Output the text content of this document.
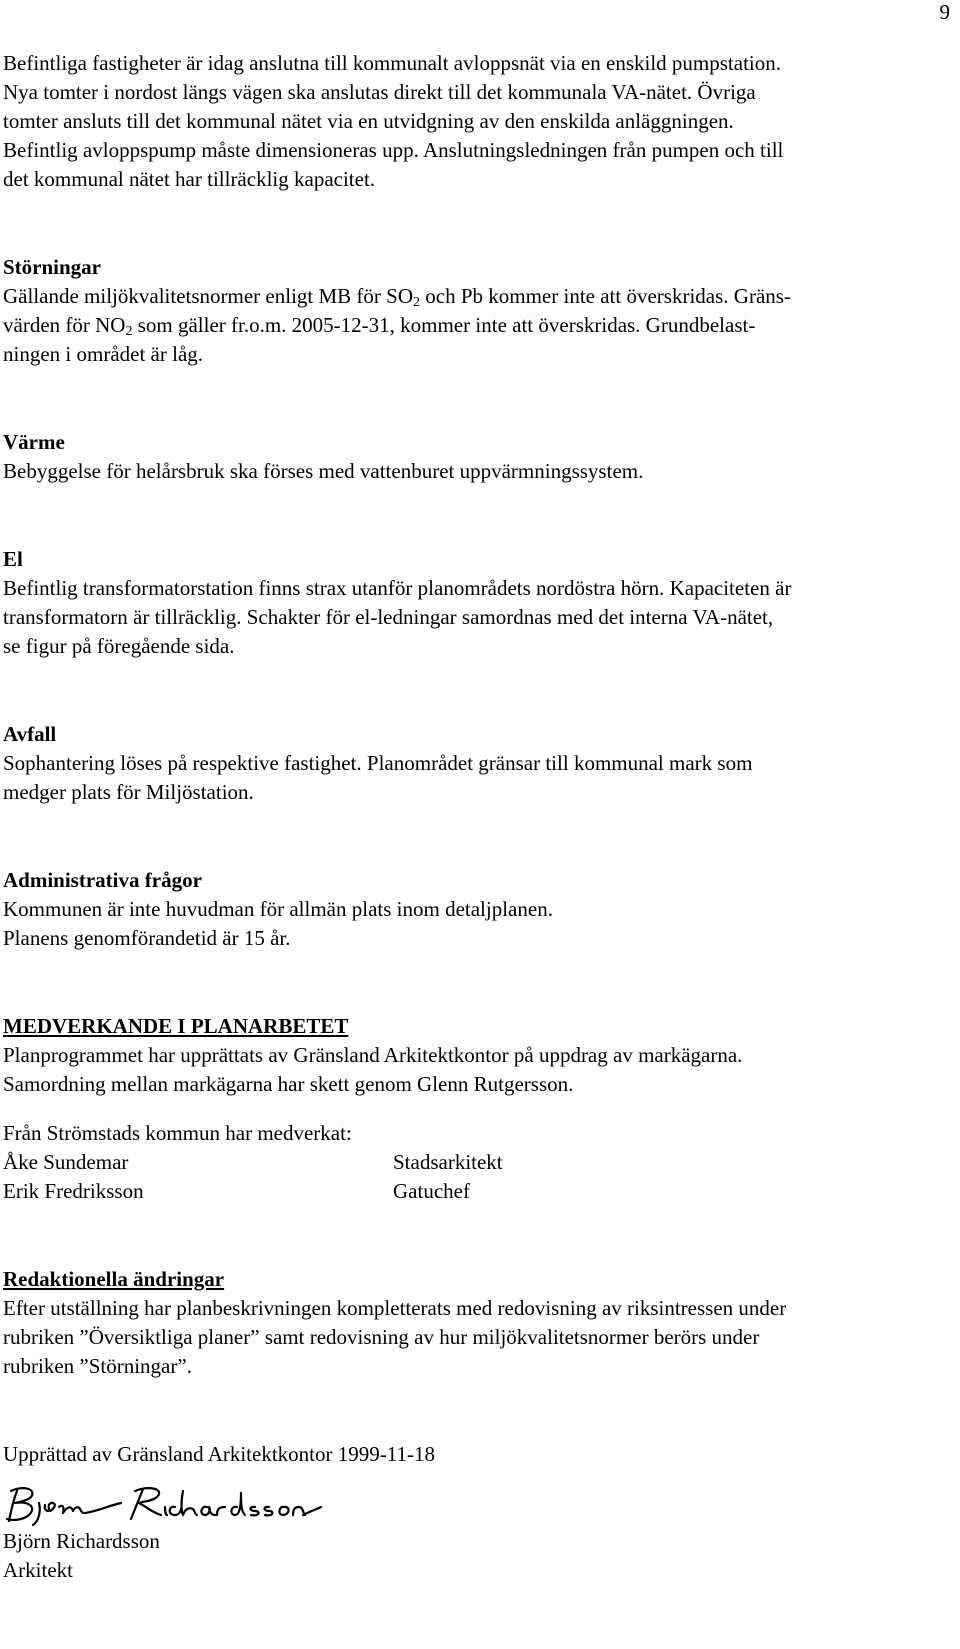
9

Befintliga fastigheter är idag anslutna till kommunalt avloppsnät via en enskild pumpstation.

Nya tomter i nordost längs vägen ska anslutas direkt till det kommunala VA-nätet. Övriga

tomter ansluts till det kommunal nätet via en utvidgning av den enskilda anläggningen.

Befintlig avloppspump måste dimensioneras upp. Anslutningsledningen från pumpen och till

det kommunal nätet har tillräcklig kapacitet.

Störningar

Gällande miljökvalitetsnormer enligt MB för $SO_2$ och Pb kommer inte att överskridas. Gräns-

värden för $NO_2$ som gäller fr.o.m. 2005-12-31, kommer inte att överskridas. Grundbelast-

ningen i området är låg.

Värme

Bebyggelse för helårsbruk ska förses med vattenburet uppvärmningssystem.

El

Befintlig transformatorstation finns strax utanför planområdets nordöstra hörn. Kapaciteten är

transformatorn är tillräcklig. Schakter för el-ledningar samordnas med det interna VA-nätet,

se figur på föregående sida.

Avfall

Sophantering löses på respektive fastighet. Planområdet gränsar till kommunal mark som

medger plats för Miljöstation.

Administrativa frågor

Kommunen är inte huvudman för allmän plats inom detaljplanen.

Planens genomförandetid är 15 år.

MEDVERKANDE I PLANARBETET

Planprogrammet har upprättats av Gränsland Arkitektkontor på uppdrag av markägarna.

Samordning mellan markägarna har skett genom Glenn Rutgersson.

Från Strömstads kommun har medverkat:

Åke Sundemar	Stadsarkitekt
Erik Fredriksson	Gatuchef

Redaktionella ändringar

Efter utställning har planbeskrivningen kompletterats med redovisning av riksintressen under

rubriken ”Översiktliga planer” samt redovisning av hur miljökvalitetsnormer berörs under

rubriken ”Störningar”.

Upprättad av Gränsland Arkitektkontor 1999-11-18

Björn Richardsson

Arkitekt
